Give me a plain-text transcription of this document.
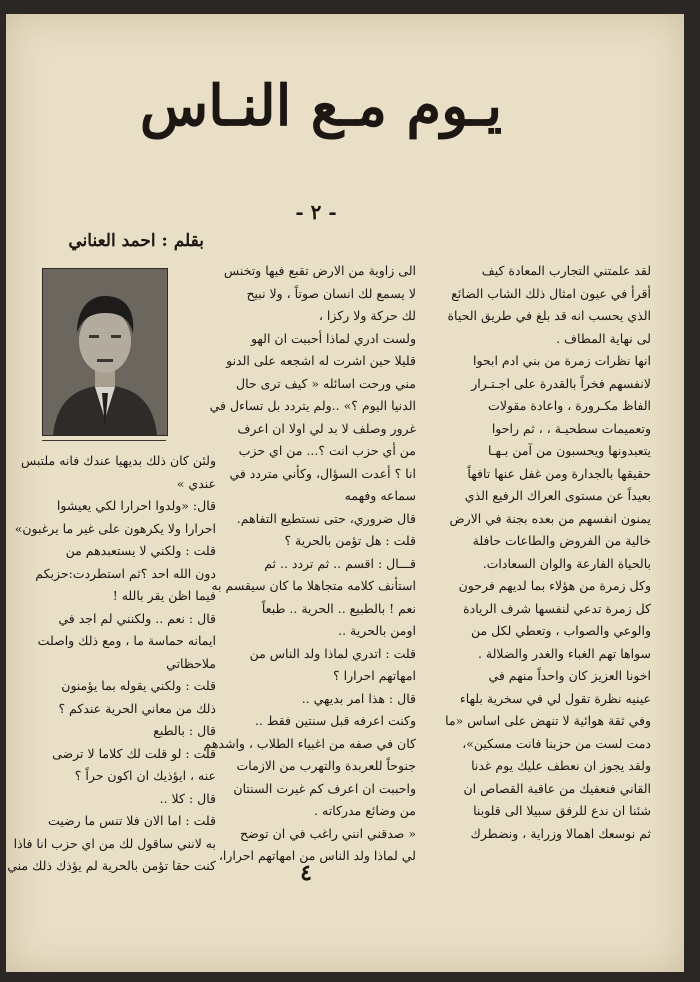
يـوم مـع النـاس
- ٢ -
بقلم : احمد العناني
لقد علمتني التجارب المعادة كيف
أقرأ في عيون امثال ذلك الشاب الضائع
الذي يحسب انه قد بلغ في طريق الحياة
لى نهاية المطاف .
انها نظرات زمرة من بني ادم ابحوا
لانفسهم فخراً بالقدرة على اجـتـرار
الفاظ مكـرورة ، واعادة مقولات
وتعميمات سطحيـة ، ، ثم راحوا
يتعبدونها ويحسبون من آمن بـهـا
حقيقها بالجدارة ومن غفل عنها تافهاً
بعيداً عن مستوى العراك الرفيع الذي
يمنون انفسهم من بعده بجنة في الارض
خالية من الفروض والطاعات حافلة
بالحياة الفارعة والوان السعادات.
وكل زمرة من هؤلاء بما لديهم فرحون
كل زمرة تدعي لنفسها شرف الريادة
والوعي والصواب ، وتعطي لكل من
سواها تهم الغباء والغدر والضلالة .
اخونا العزيز كان واحداً منهم في
عينيه نظرة تقول لي في سخرية بلهاء
وفي ثقة هوائية لا تنهض على اساس «ما
دمت لست من حزبنا فانت مسكين»،
ولقد يجوز ان نعطف عليك يوم غدنا
القاني فنعفيك من عاقبة القصاص ان
شئنا ان ندع للرفق سبيلا الى قلوبنا
ثم نوسعك اهمالا وزراية ، ونضطرك
الى زاوية من الارض تقبع فيها وتخنس
لا يسمع لك انسان صوتاً ، ولا نبيح
لك حركة ولا ركزا ،
ولست ادري لماذا أحببت ان الهو
قليلا حين اشرت له اشجعه على الدنو
مني ورحت اسائله « كيف ترى حال
الدنيا اليوم ؟» ..ولم يتردد بل تساءل في
غرور وصلف لا بد لي اولا ان اعرف
من أي حزب انت ؟... من اي حزب
انا ؟ أعدت السؤال، وكأني متردد في
سماعه وفهمه
قال ضروري، حتى نستطيع التفاهم.
قلت : هل تؤمن بالحرية ؟
قـــال : اقسم .. ثم تردد .. ثم
استأنف كلامه متجاهلا ما كان سيقسم به
نعم ! بالطبيع .. الحرية .. طبعاً
اومن بالحرية ..
قلت : اتدري لماذا ولد الناس من
امهاتهم احرارا ؟
قال : هذا امر بديهي ..
وكنت اعرفه قبل سنتين فقط ..
كان في صفه من اغبياء الطلاب ، واشدهم
جنوحاً للعربدة والتهرب من الازمات
واحببت ان اعرف كم غيرت السنتان
من وضائع مدركاته .
« صدقني انني راغب في ان توضح
لي لماذا ولد الناس من امهاتهم احرارا،
ولئن كان ذلك بديهيا عندك فانه ملتبس
عندي »
قال: «ولدوا احرارا لكي يعيشوا
احرارا ولا يكرهون على غير ما يرغبون»
قلت : ولكني لا يستعبدهم من
دون الله احد ؟ثم استطردت:حزبكم
فيما اظن يقر بالله !
قال : نعم .. ولكنني لم اجد في
ايمانه حماسة ما ، ومع ذلك واصلت
ملاحظاتي
قلت : ولكني يقوله بما يؤمنون
ذلك من معاني الحرية عندكم ؟
قال : بالطبع
قلت : لو قلت لك كلاما لا ترضى
عنه ، ايؤذيك ان اكون حراً ؟
قال : كلا ..
قلت : اما الان فلا تنس ما رضيت
به لانني ساقول لك من اي حزب انا فاذا
كنت حقا تؤمن بالحرية لم يؤذك ذلك مني	٤
